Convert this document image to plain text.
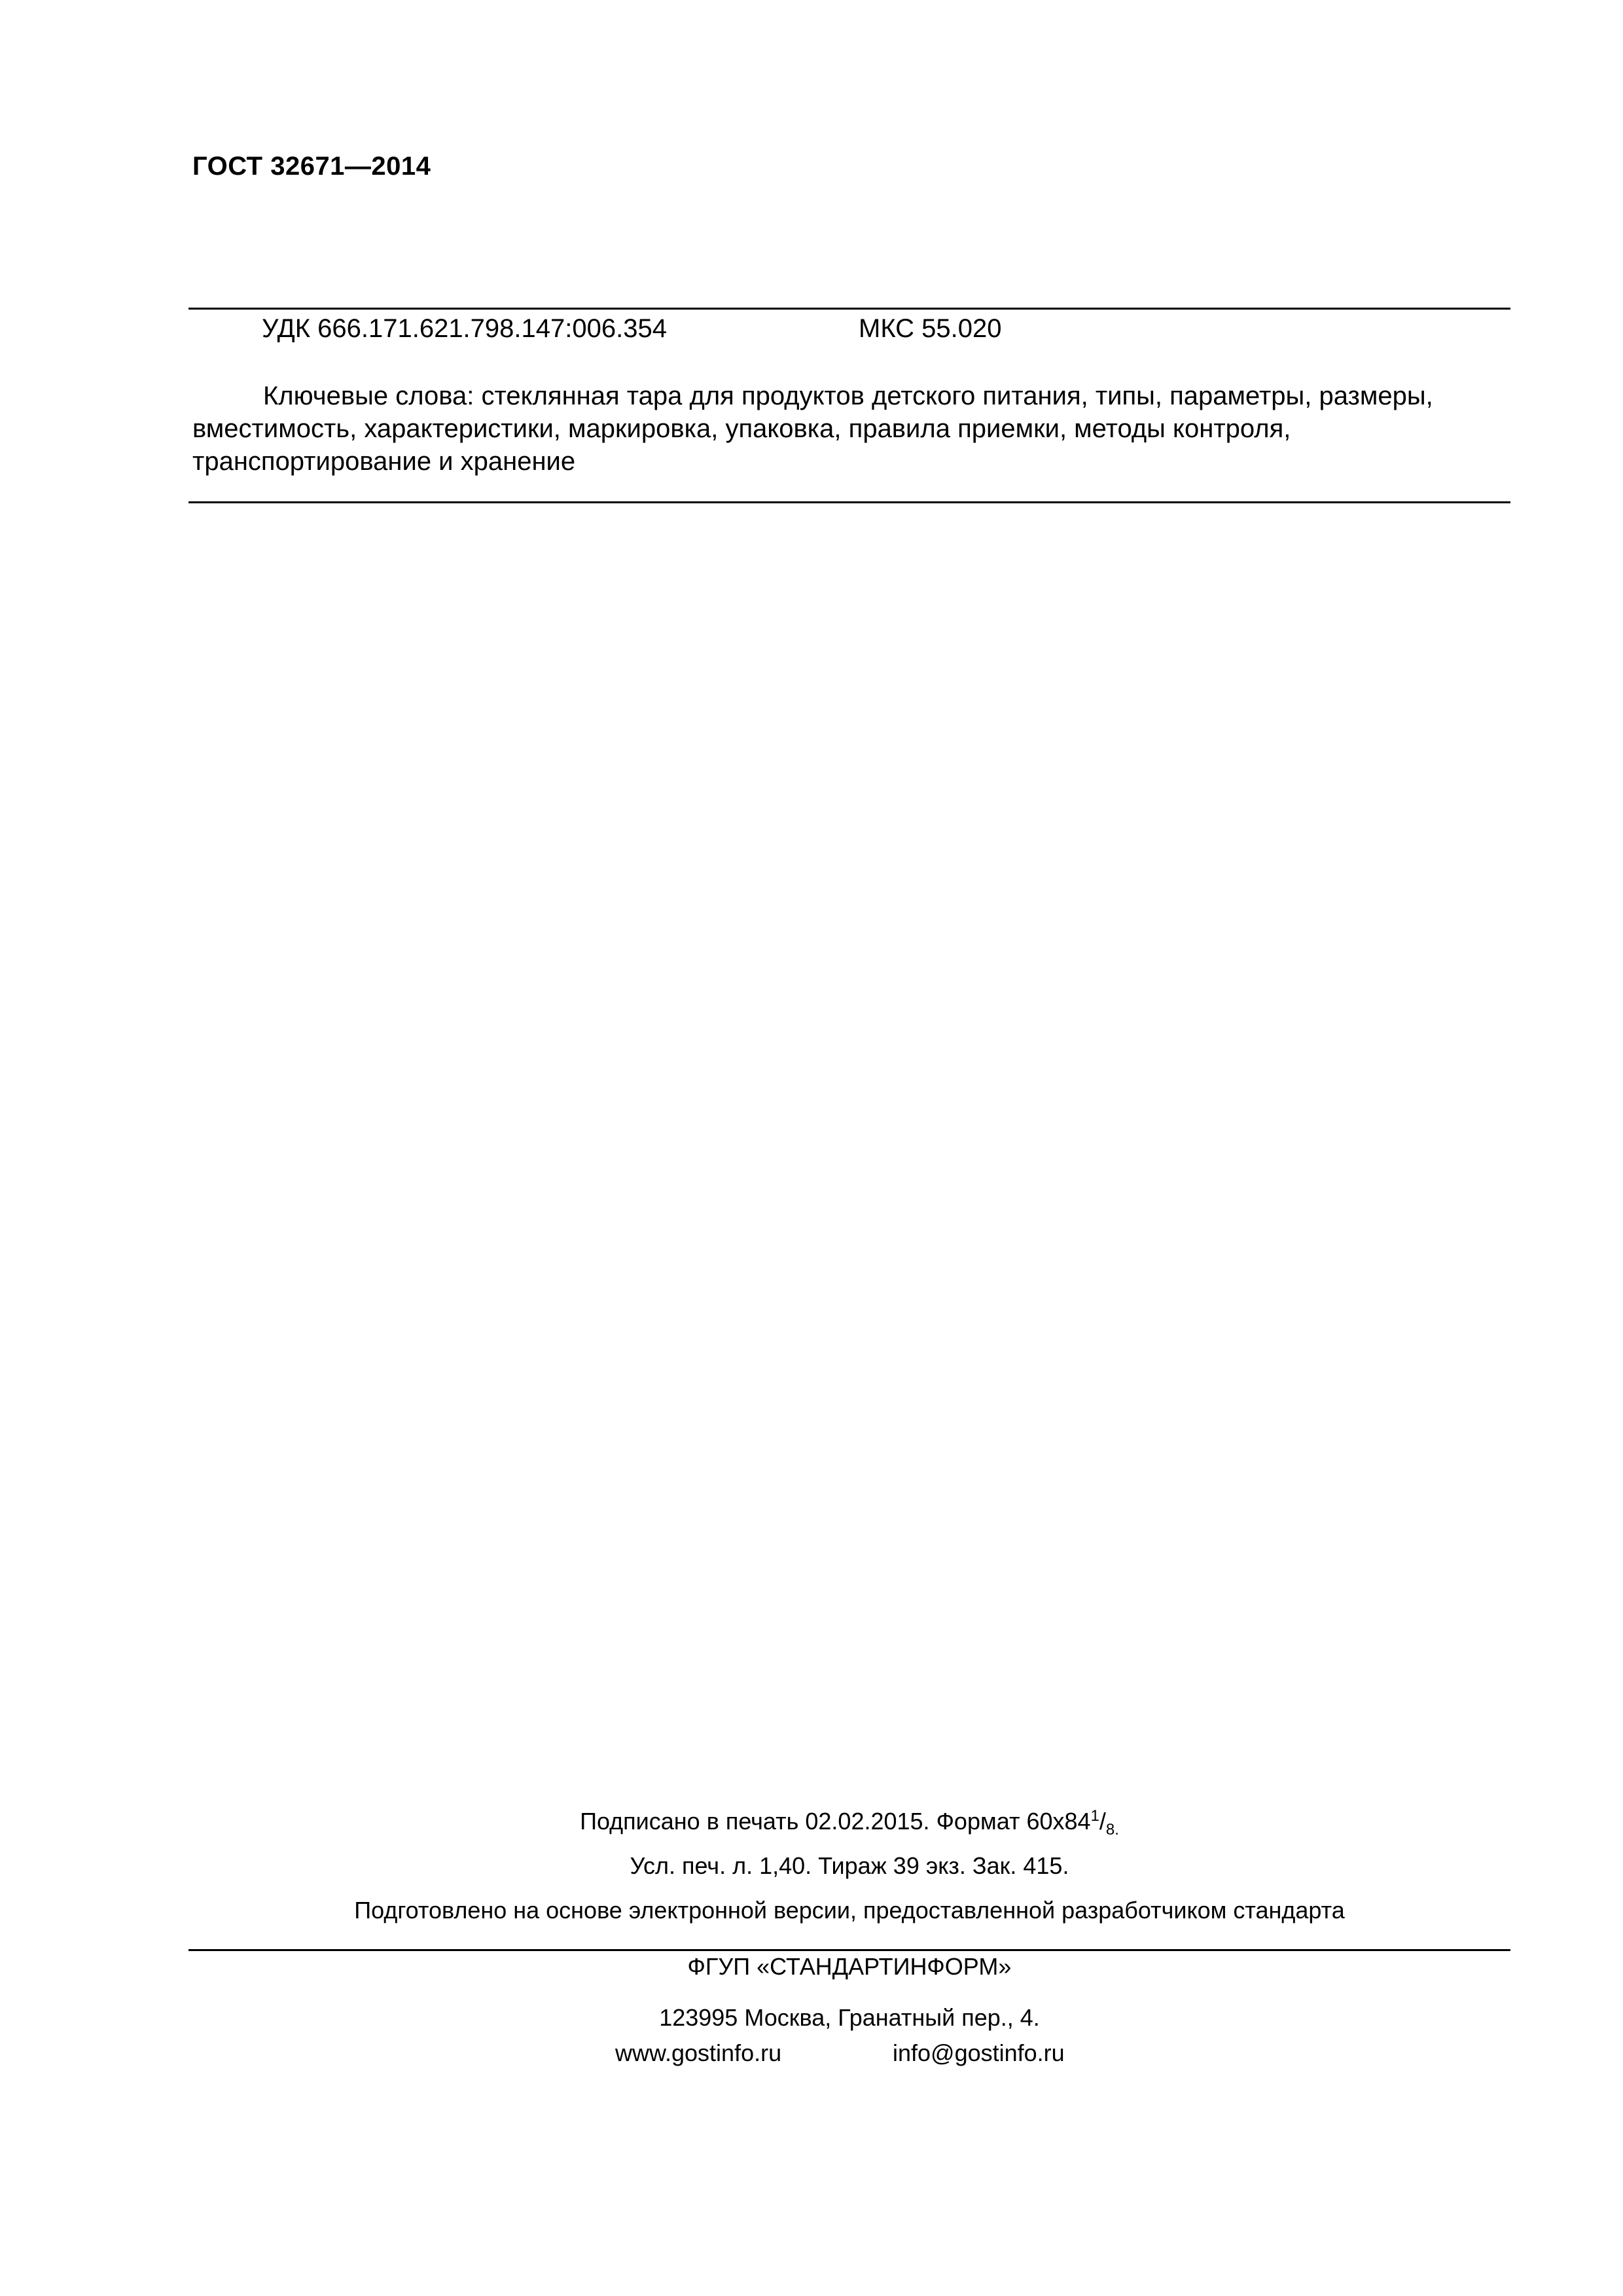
ГОСТ 32671—2014
УДК 666.171.621.798.147:006.354	МКС 55.020
Ключевые слова: стеклянная тара для продуктов детского питания, типы, параметры, размеры, вместимость, характеристики, маркировка, упаковка, правила приемки, методы контроля, транспортирование и хранение
Подписано в печать 02.02.2015. Формат $60х84^1/_{8.}$
Усл. печ. л. 1,40. Тираж 39 экз. Зак. 415.
Подготовлено на основе электронной версии, предоставленной разработчиком стандарта
ФГУП «СТАНДАРТИНФОРМ»
123995 Москва, Гранатный пер., 4.
www.gostinfo.ru	info@gostinfo.ru
